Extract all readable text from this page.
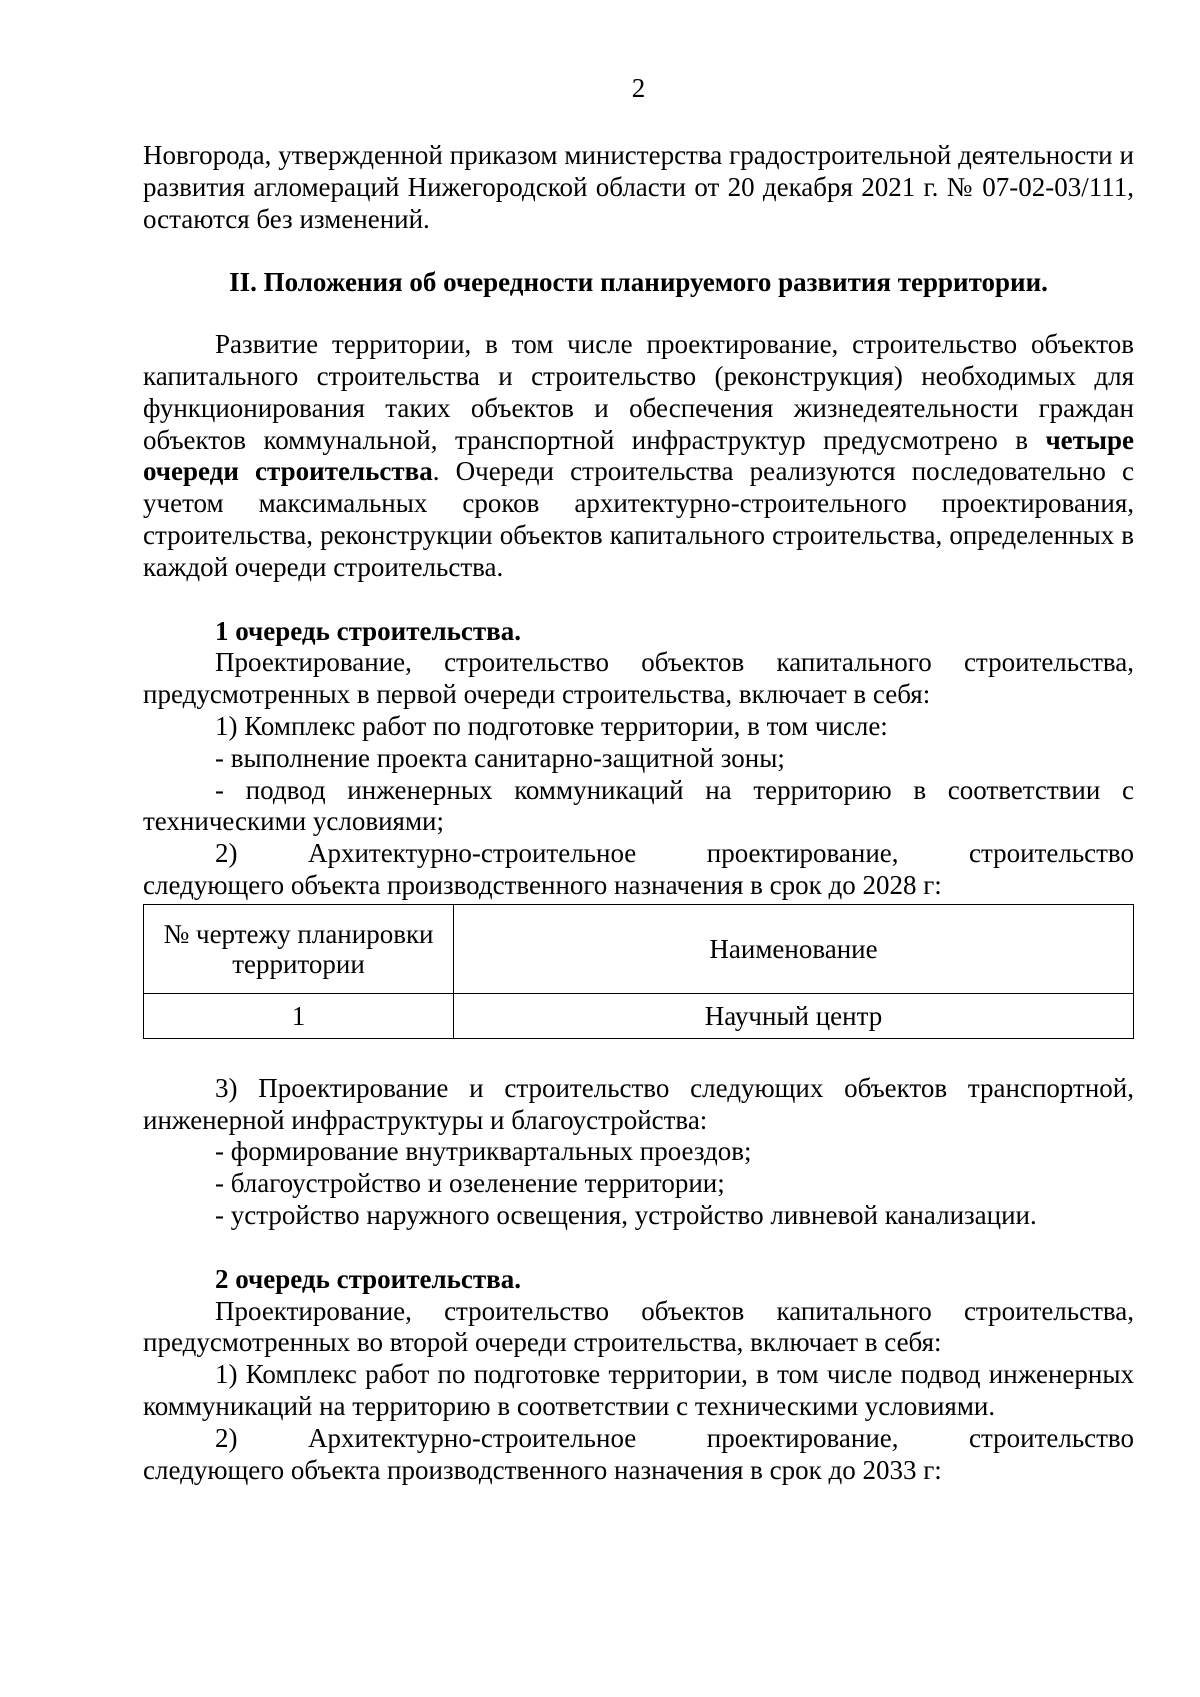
2

Новгорода, утвержденной приказом министерства градостроительной деятельности и развития агломераций Нижегородской области от 20 декабря 2021 г. № 07-02-03/111, остаются без изменений.

II. Положения об очередности планируемого развития территории.

Развитие территории, в том числе проектирование, строительство объектов капитального строительства и строительство (реконструкция) необходимых для функционирования таких объектов и обеспечения жизнедеятельности граждан объектов коммунальной, транспортной инфраструктур предусмотрено в четыре очереди строительства. Очереди строительства реализуются последовательно с учетом максимальных сроков архитектурно-строительного проектирования, строительства, реконструкции объектов капитального строительства, определенных в каждой очереди строительства.

1 очередь строительства.

Проектирование, строительство объектов капитального строительства, предусмотренных в первой очереди строительства, включает в себя:

1) Комплекс работ по подготовке территории, в том числе:

- выполнение проекта санитарно-защитной зоны;

- подвод инженерных коммуникаций на территорию в соответствии с техническими условиями;

2) Архитектурно-строительное проектирование, строительство

следующего объекта производственного назначения в срок до 2028 г:

№ чертежу планировки территории	Наименование
1	Научный центр

3) Проектирование и строительство следующих объектов транспортной, инженерной инфраструктуры и благоустройства:

- формирование внутриквартальных проездов;

- благоустройство и озеленение территории;

- устройство наружного освещения, устройство ливневой канализации.

2 очередь строительства.

Проектирование, строительство объектов капитального строительства, предусмотренных во второй очереди строительства, включает в себя:

1) Комплекс работ по подготовке территории, в том числе подвод инженерных коммуникаций на территорию в соответствии с техническими условиями.

2) Архитектурно-строительное проектирование, строительство

следующего объекта производственного назначения в срок до 2033 г:
